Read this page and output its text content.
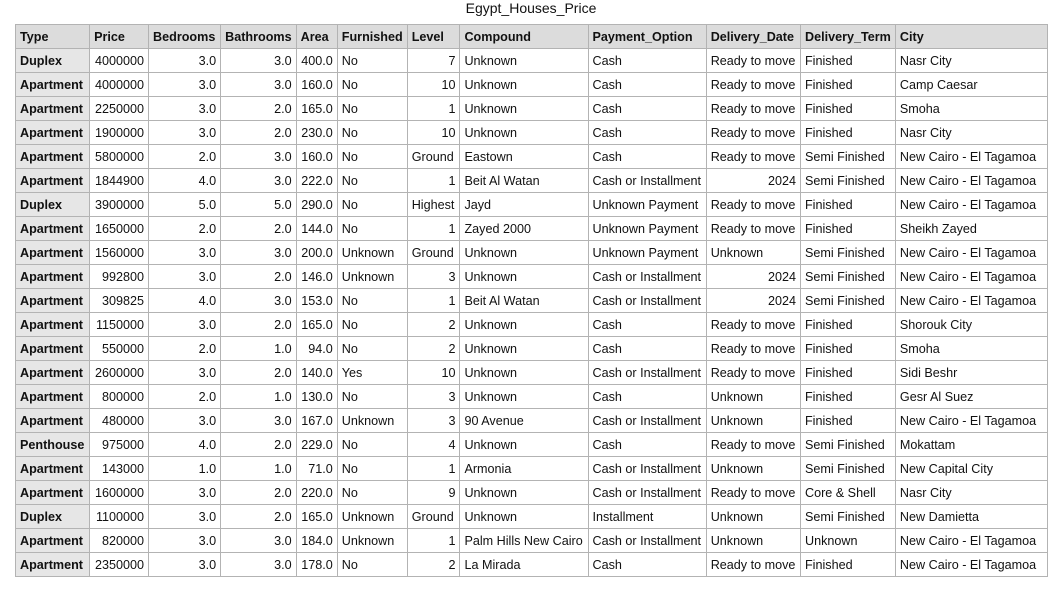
Egypt_Houses_Price
Type	Price	Bedrooms	Bathrooms	Area	Furnished	Level	Compound	Payment_Option	Delivery_Date	Delivery_Term	City
Duplex	4000000	3.0	3.0	400.0	No	7	Unknown	Cash	Ready to move	Finished	Nasr City
Apartment	4000000	3.0	3.0	160.0	No	10	Unknown	Cash	Ready to move	Finished	Camp Caesar
Apartment	2250000	3.0	2.0	165.0	No	1	Unknown	Cash	Ready to move	Finished	Smoha
Apartment	1900000	3.0	2.0	230.0	No	10	Unknown	Cash	Ready to move	Finished	Nasr City
Apartment	5800000	2.0	3.0	160.0	No	Ground	Eastown	Cash	Ready to move	Semi Finished	New Cairo - El Tagamoa
Apartment	1844900	4.0	3.0	222.0	No	1	Beit Al Watan	Cash or Installment	2024	Semi Finished	New Cairo - El Tagamoa
Duplex	3900000	5.0	5.0	290.0	No	Highest	Jayd	Unknown Payment	Ready to move	Finished	New Cairo - El Tagamoa
Apartment	1650000	2.0	2.0	144.0	No	1	Zayed 2000	Unknown Payment	Ready to move	Finished	Sheikh Zayed
Apartment	1560000	3.0	3.0	200.0	Unknown	Ground	Unknown	Unknown Payment	Unknown	Semi Finished	New Cairo - El Tagamoa
Apartment	992800	3.0	2.0	146.0	Unknown	3	Unknown	Cash or Installment	2024	Semi Finished	New Cairo - El Tagamoa
Apartment	309825	4.0	3.0	153.0	No	1	Beit Al Watan	Cash or Installment	2024	Semi Finished	New Cairo - El Tagamoa
Apartment	1150000	3.0	2.0	165.0	No	2	Unknown	Cash	Ready to move	Finished	Shorouk City
Apartment	550000	2.0	1.0	94.0	No	2	Unknown	Cash	Ready to move	Finished	Smoha
Apartment	2600000	3.0	2.0	140.0	Yes	10	Unknown	Cash or Installment	Ready to move	Finished	Sidi Beshr
Apartment	800000	2.0	1.0	130.0	No	3	Unknown	Cash	Unknown	Finished	Gesr Al Suez
Apartment	480000	3.0	3.0	167.0	Unknown	3	90 Avenue	Cash or Installment	Unknown	Finished	New Cairo - El Tagamoa
Penthouse	975000	4.0	2.0	229.0	No	4	Unknown	Cash	Ready to move	Semi Finished	Mokattam
Apartment	143000	1.0	1.0	71.0	No	1	Armonia	Cash or Installment	Unknown	Semi Finished	New Capital City
Apartment	1600000	3.0	2.0	220.0	No	9	Unknown	Cash or Installment	Ready to move	Core & Shell	Nasr City
Duplex	1100000	3.0	2.0	165.0	Unknown	Ground	Unknown	Installment	Unknown	Semi Finished	New Damietta
Apartment	820000	3.0	3.0	184.0	Unknown	1	Palm Hills New Cairo	Cash or Installment	Unknown	Unknown	New Cairo - El Tagamoa
Apartment	2350000	3.0	3.0	178.0	No	2	La Mirada	Cash	Ready to move	Finished	New Cairo - El Tagamoa
